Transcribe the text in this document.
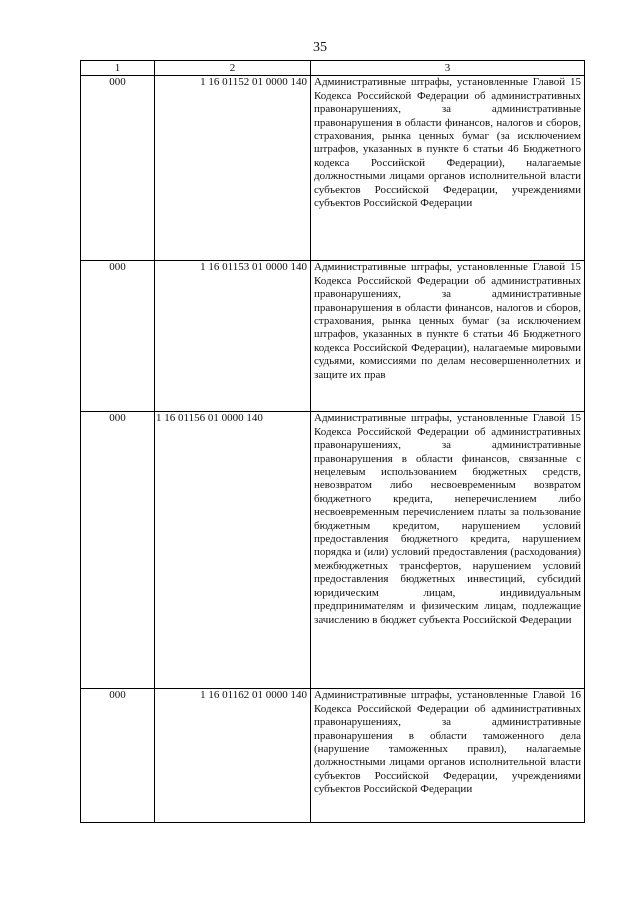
35
1	2	3
000	1 16 01152 01 0000 140	Административные штрафы, установленные Главой 15 Кодекса Российской Федерации об административных правонарушениях, за административные правонарушения в области финансов, налогов и сборов, страхования, рынка ценных бумаг (за исключением штрафов, указанных в пункте 6 статьи 46 Бюджетного кодекса Российской Федерации), налагаемые должностными лицами органов исполнительной власти субъектов Российской Федерации, учреждениями субъектов Российской Федерации
000	1 16 01153 01 0000 140	Административные штрафы, установленные Главой 15 Кодекса Российской Федерации об административных правонарушениях, за административные правонарушения в области финансов, налогов и сборов, страхования, рынка ценных бумаг (за исключением штрафов, указанных в пункте 6 статьи 46 Бюджетного кодекса Российской Федерации), налагаемые мировыми судьями, комиссиями по делам несовершеннолетних и защите их прав
000	1 16 01156 01 0000 140	Административные штрафы, установленные Главой 15 Кодекса Российской Федерации об административных правонарушениях, за административные правонарушения в области финансов, связанные с нецелевым использованием бюджетных средств, невозвратом либо несвоевременным возвратом бюджетного кредита, неперечислением либо несвоевременным перечислением платы за пользование бюджетным кредитом, нарушением условий предоставления бюджетного кредита, нарушением порядка и (или) условий предоставления (расходования) межбюджетных трансфертов, нарушением условий предоставления бюджетных инвестиций, субсидий юридическим лицам, индивидуальным предпринимателям и физическим лицам, подлежащие зачислению в бюджет субъекта Российской Федерации
000	1 16 01162 01 0000 140	Административные штрафы, установленные Главой 16 Кодекса Российской Федерации об административных правонарушениях, за административные правонарушения в области таможенного дела (нарушение таможенных правил), налагаемые должностными лицами органов исполнительной власти субъектов Российской Федерации, учреждениями субъектов Российской Федерации
